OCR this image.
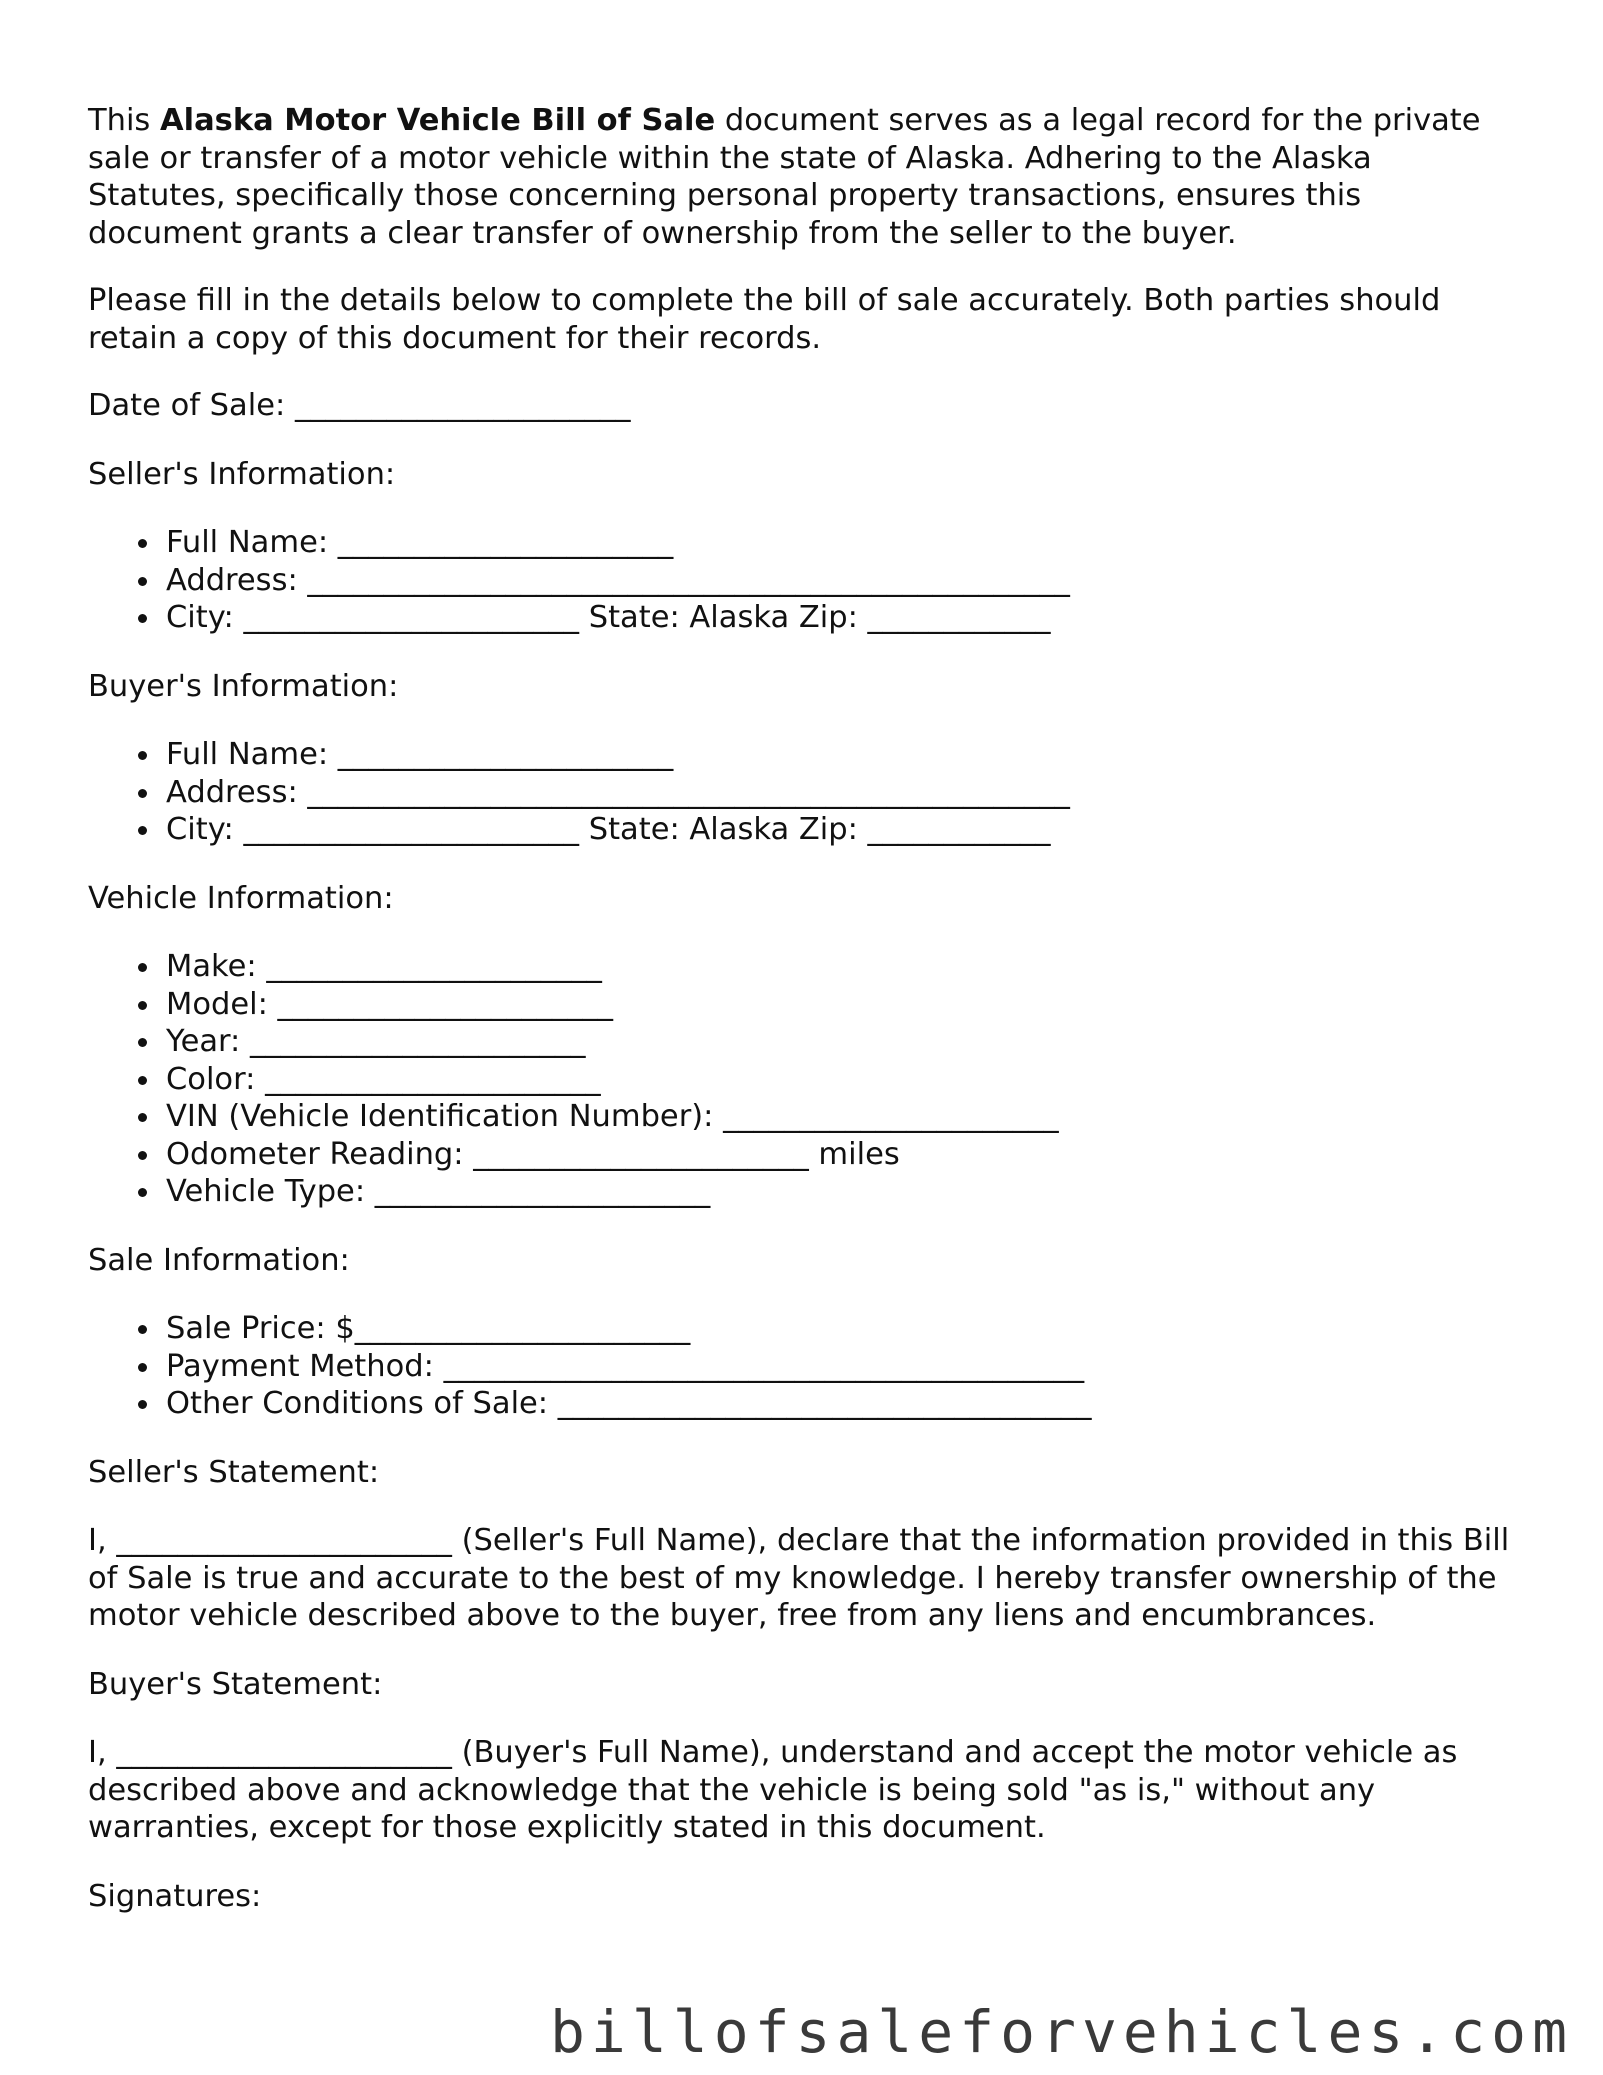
This Alaska Motor Vehicle Bill of Sale document serves as a legal record for the private sale or transfer of a motor vehicle within the state of Alaska. Adhering to the Alaska Statutes, specifically those concerning personal property transactions, ensures this document grants a clear transfer of ownership from the seller to the buyer.

Please fill in the details below to complete the bill of sale accurately. Both parties should retain a copy of this document for their records.

Date of Sale: ______________________

Seller's Information:

Full Name: ______________________
Address: __________________________________________________
City: ______________________ State: Alaska Zip: ____________

Buyer's Information:

Full Name: ______________________
Address: __________________________________________________
City: ______________________ State: Alaska Zip: ____________

Vehicle Information:

Make: ______________________
Model: ______________________
Year: ______________________
Color: ______________________
VIN (Vehicle Identification Number): ______________________
Odometer Reading: ______________________ miles
Vehicle Type: ______________________

Sale Information:

Sale Price: $______________________
Payment Method: __________________________________________
Other Conditions of Sale: ___________________________________

Seller's Statement:

I, ______________________ (Seller's Full Name), declare that the information provided in this Bill of Sale is true and accurate to the best of my knowledge. I hereby transfer ownership of the motor vehicle described above to the buyer, free from any liens and encumbrances.

Buyer's Statement:

I, ______________________ (Buyer's Full Name), understand and accept the motor vehicle as described above and acknowledge that the vehicle is being sold "as is," without any warranties, except for those explicitly stated in this document.

Signatures:

billofsaleforvehicles.com
